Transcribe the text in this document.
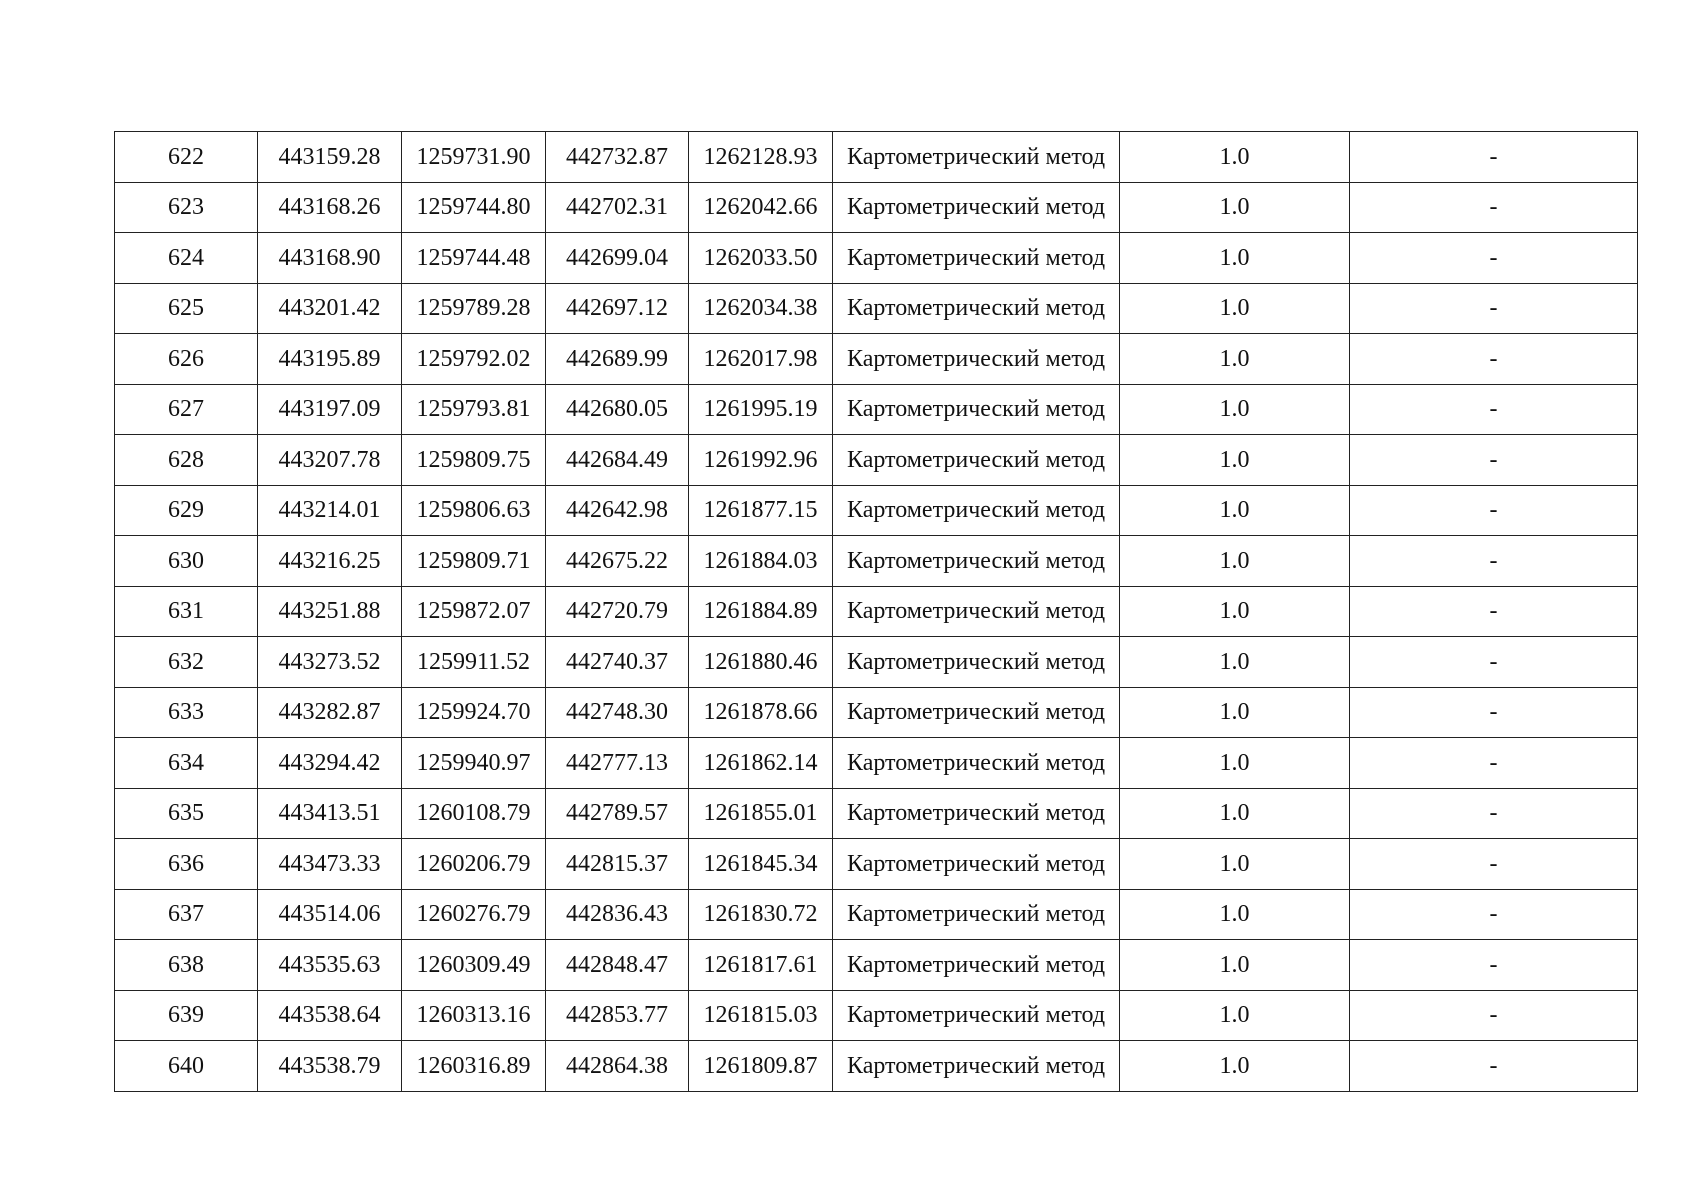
622	443159.28	1259731.90	442732.87	1262128.93	Картометрический метод	1.0	-
623	443168.26	1259744.80	442702.31	1262042.66	Картометрический метод	1.0	-
624	443168.90	1259744.48	442699.04	1262033.50	Картометрический метод	1.0	-
625	443201.42	1259789.28	442697.12	1262034.38	Картометрический метод	1.0	-
626	443195.89	1259792.02	442689.99	1262017.98	Картометрический метод	1.0	-
627	443197.09	1259793.81	442680.05	1261995.19	Картометрический метод	1.0	-
628	443207.78	1259809.75	442684.49	1261992.96	Картометрический метод	1.0	-
629	443214.01	1259806.63	442642.98	1261877.15	Картометрический метод	1.0	-
630	443216.25	1259809.71	442675.22	1261884.03	Картометрический метод	1.0	-
631	443251.88	1259872.07	442720.79	1261884.89	Картометрический метод	1.0	-
632	443273.52	1259911.52	442740.37	1261880.46	Картометрический метод	1.0	-
633	443282.87	1259924.70	442748.30	1261878.66	Картометрический метод	1.0	-
634	443294.42	1259940.97	442777.13	1261862.14	Картометрический метод	1.0	-
635	443413.51	1260108.79	442789.57	1261855.01	Картометрический метод	1.0	-
636	443473.33	1260206.79	442815.37	1261845.34	Картометрический метод	1.0	-
637	443514.06	1260276.79	442836.43	1261830.72	Картометрический метод	1.0	-
638	443535.63	1260309.49	442848.47	1261817.61	Картометрический метод	1.0	-
639	443538.64	1260313.16	442853.77	1261815.03	Картометрический метод	1.0	-
640	443538.79	1260316.89	442864.38	1261809.87	Картометрический метод	1.0	-
